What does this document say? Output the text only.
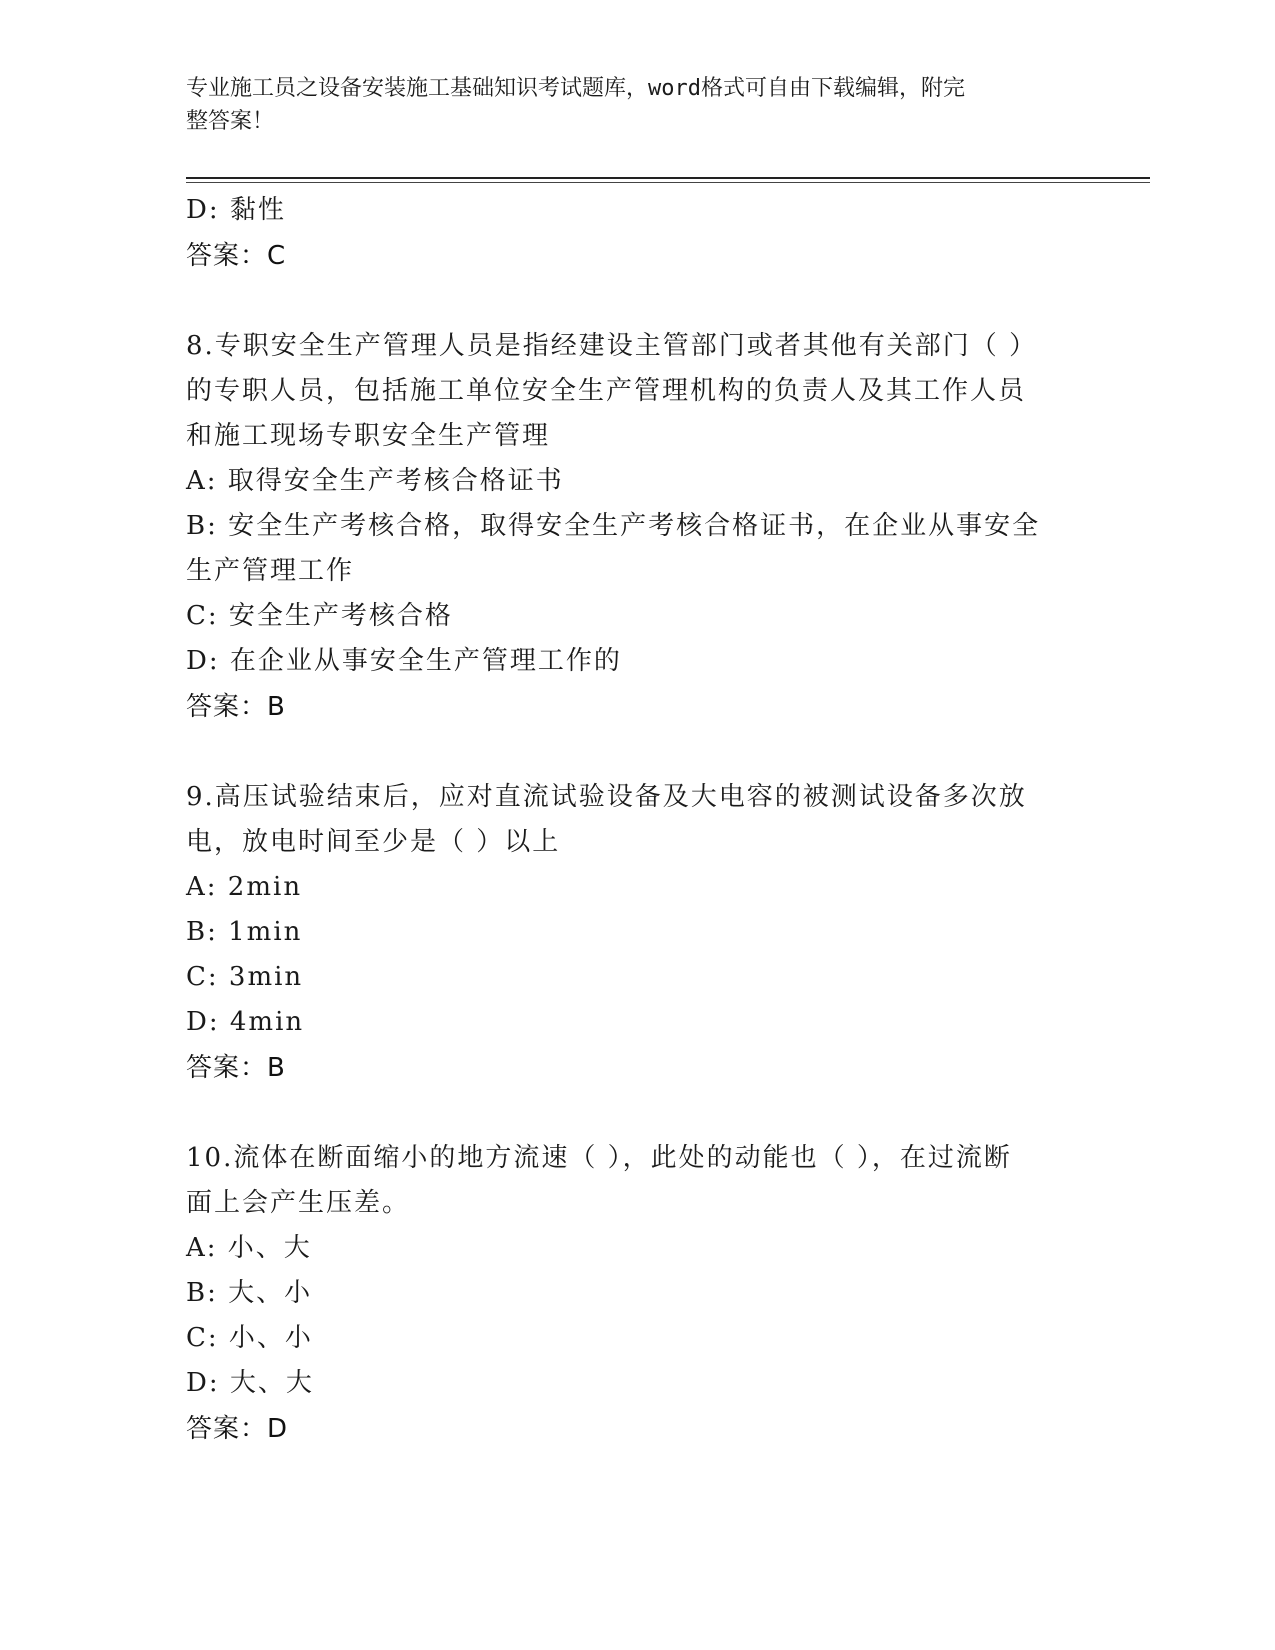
专业施工员之设备安装施工基础知识考试题库，word格式可自由下载编辑，附完
整答案！

D: 黏性

答案：C

8.专职安全生产管理人员是指经建设主管部门或者其他有关部门（ ）

的专职人员，包括施工单位安全生产管理机构的负责人及其工作人员

和施工现场专职安全生产管理

A: 取得安全生产考核合格证书

B: 安全生产考核合格，取得安全生产考核合格证书，在企业从事安全

生产管理工作

C: 安全生产考核合格

D: 在企业从事安全生产管理工作的

答案：B

9.高压试验结束后，应对直流试验设备及大电容的被测试设备多次放

电，放电时间至少是（ ）以上

A: 2min

B: 1min

C: 3min

D: 4min

答案：B

10.流体在断面缩小的地方流速（ ），此处的动能也（ ），在过流断

面上会产生压差。

A: 小、大

B: 大、小

C: 小、小

D: 大、大

答案：D
